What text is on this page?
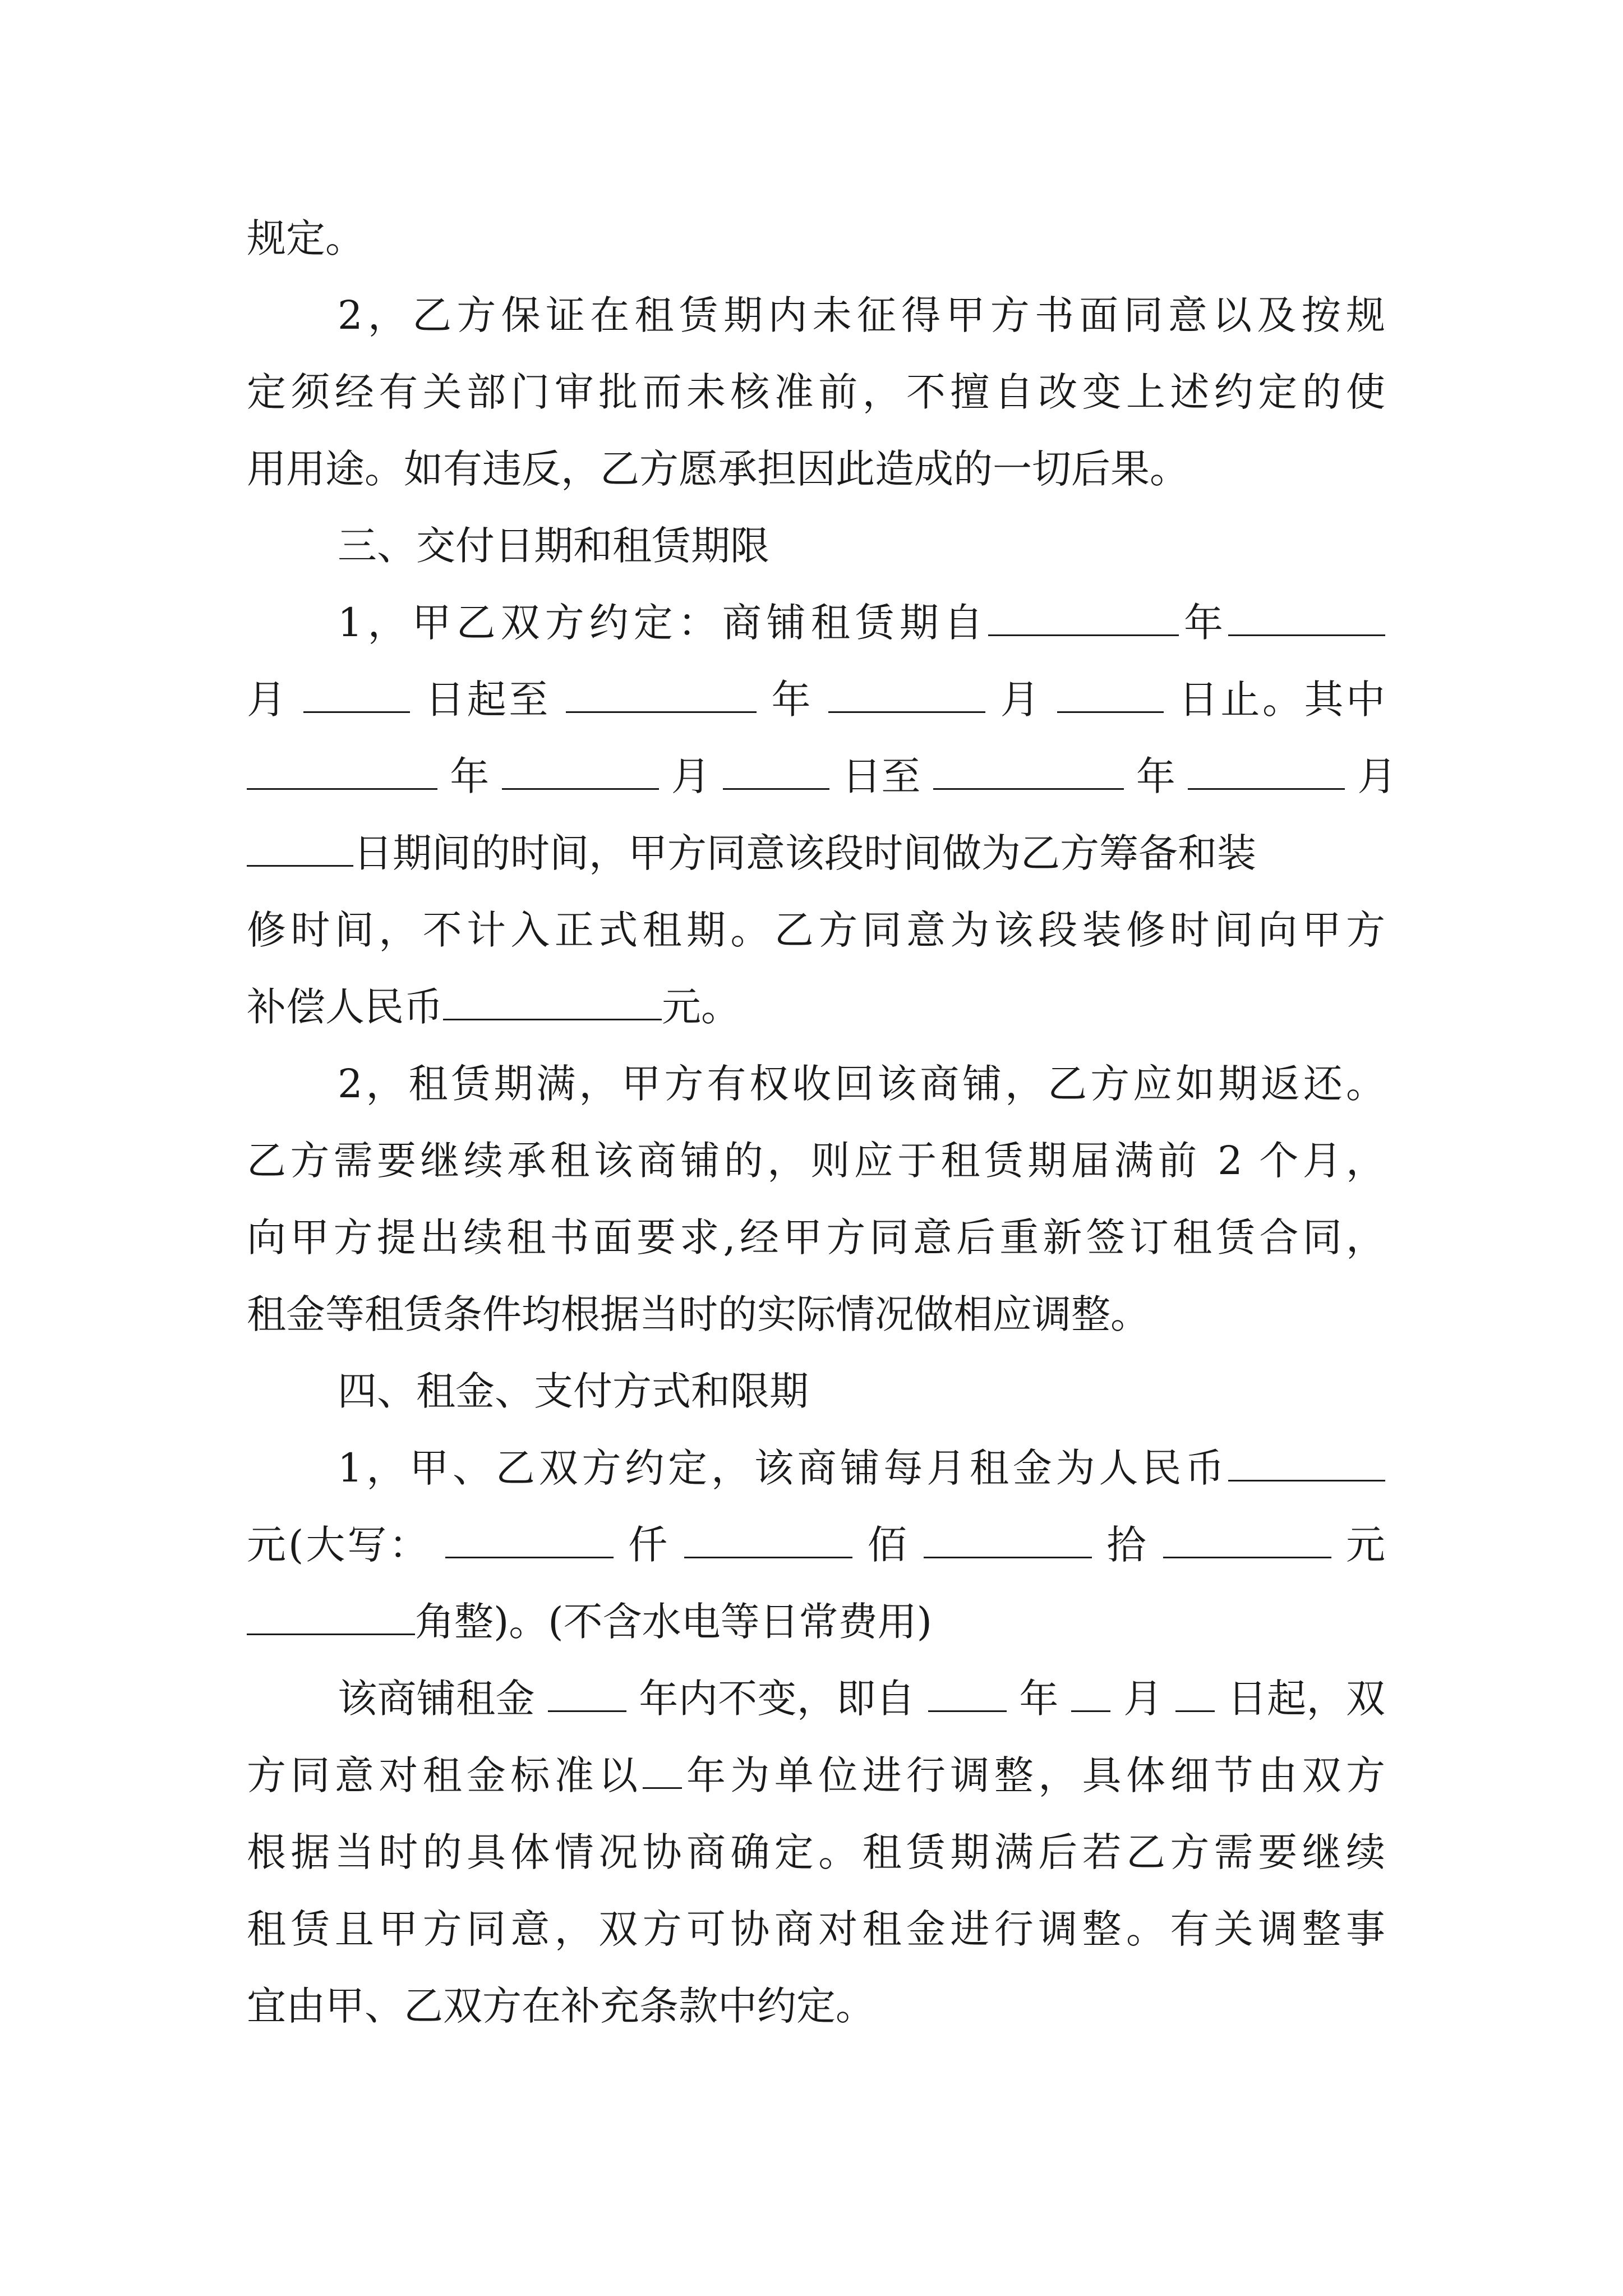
规定。
2，乙方保证在租赁期内未征得甲方书面同意以及按规
定须经有关部门审批而未核准前，不擅自改变上述约定的使
用用途。如有违反，乙方愿承担因此造成的一切后果。
三、交付日期和租赁期限
1，甲乙双方约定：商铺租赁期自	年
月	日起至	年	月	日止。其中
年	月	日至	年	月
日期间的时间，甲方同意该段时间做为乙方筹备和装
修时间，不计入正式租期。乙方同意为该段装修时间向甲方
补偿人民币	元。
2，租赁期满，甲方有权收回该商铺，乙方应如期返还。
乙方需要继续承租该商铺的，则应于租赁期届满前 2 个月，
向甲方提出续租书面要求,经甲方同意后重新签订租赁合同，
租金等租赁条件均根据当时的实际情况做相应调整。
四、租金、支付方式和限期
1，甲、乙双方约定，该商铺每月租金为人民币
元(大写：	仟	佰	拾	元
角整)。(不含水电等日常费用)
该商铺租金	年内不变，即自	年 月 日起，双
方同意对租金标准以 年为单位进行调整，具体细节由双方
根据当时的具体情况协商确定。租赁期满后若乙方需要继续
租赁且甲方同意，双方可协商对租金进行调整。有关调整事
宜由甲、乙双方在补充条款中约定。
